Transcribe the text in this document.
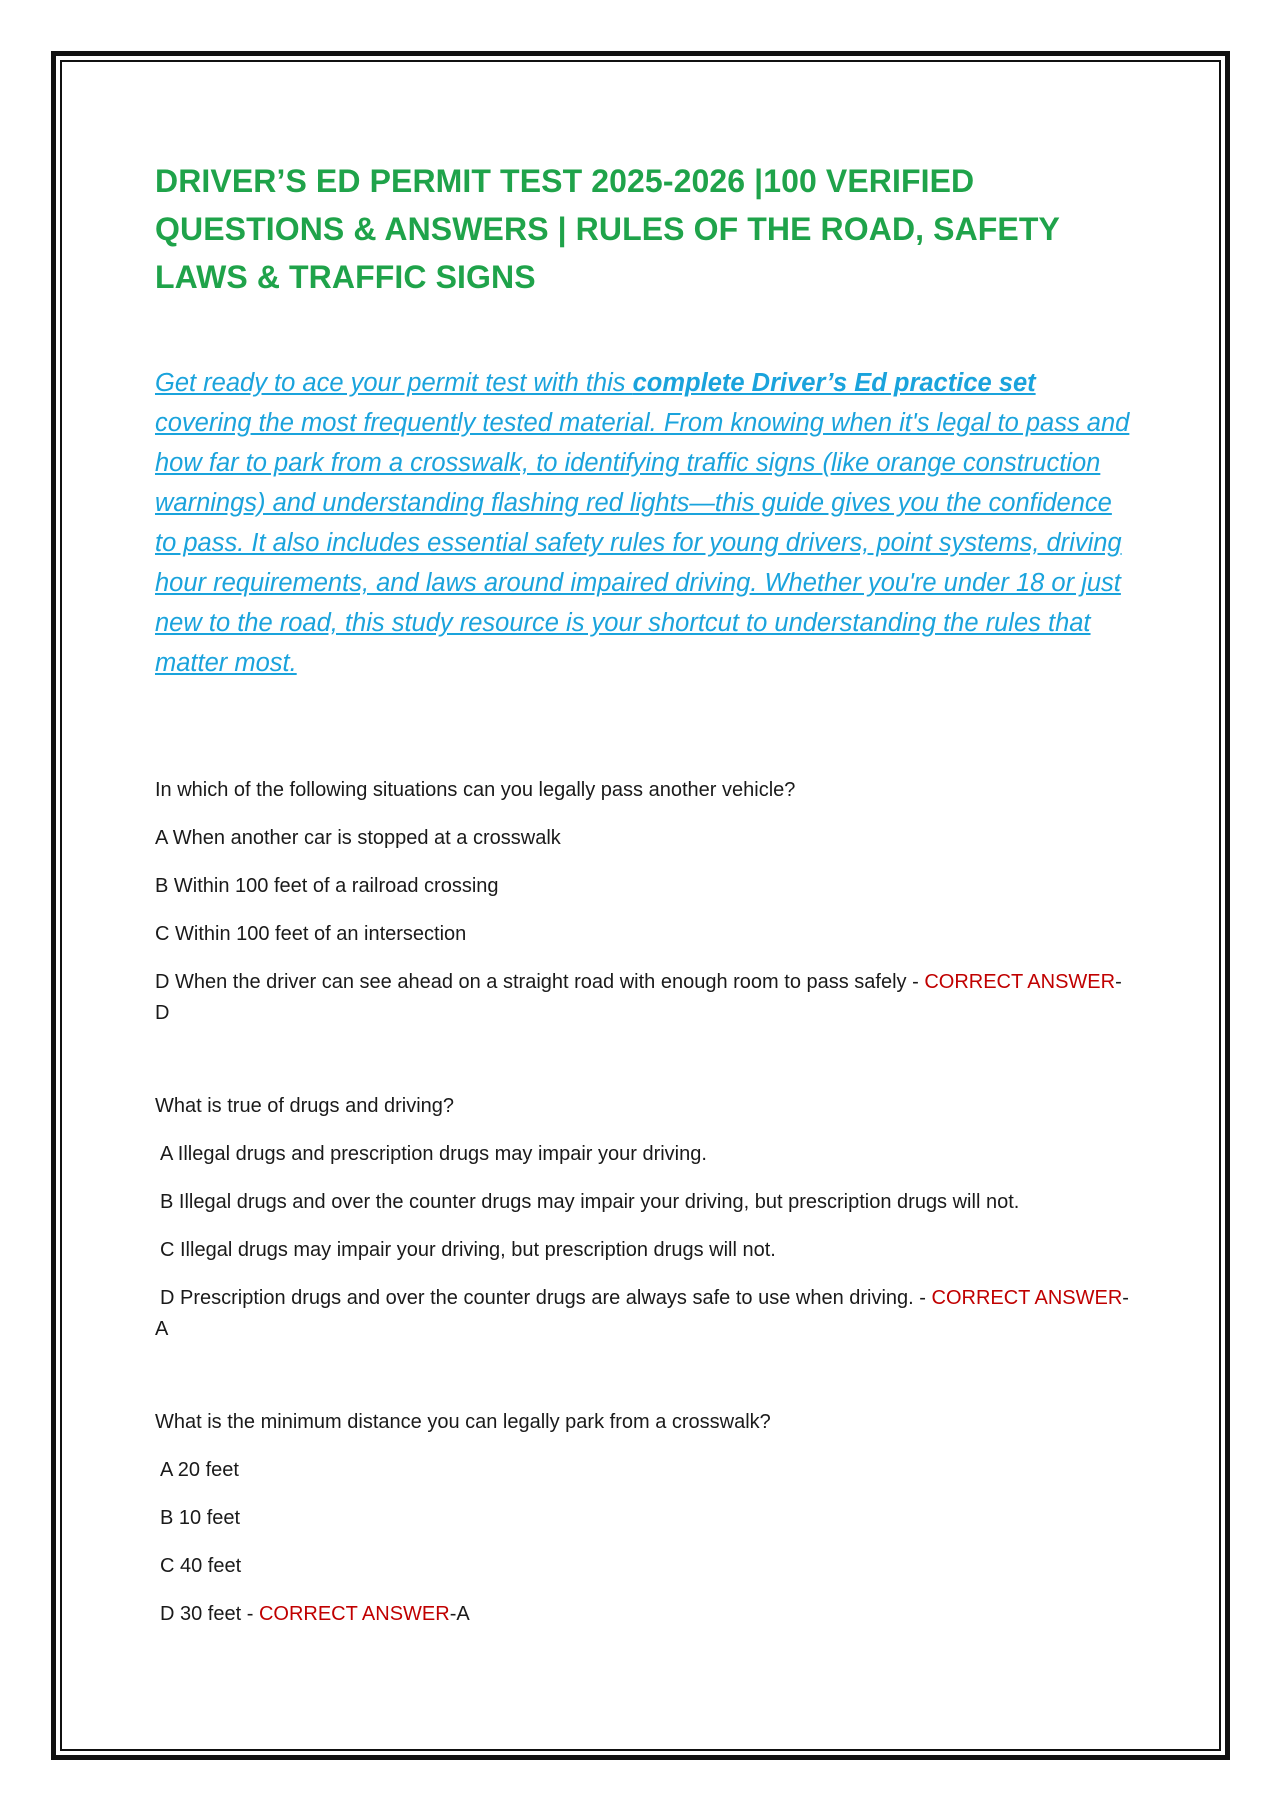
DRIVER’S ED PERMIT TEST 2025-2026 |100 VERIFIED QUESTIONS & ANSWERS | RULES OF THE ROAD, SAFETY LAWS & TRAFFIC SIGNS

Get ready to ace your permit test with this complete Driver’s Ed practice set covering the most frequently tested material. From knowing when it's legal to pass and how far to park from a crosswalk, to identifying traffic signs (like orange construction warnings) and understanding flashing red lights—this guide gives you the confidence to pass. It also includes essential safety rules for young drivers, point systems, driving hour requirements, and laws around impaired driving. Whether you're under 18 or just new to the road, this study resource is your shortcut to understanding the rules that matter most.

In which of the following situations can you legally pass another vehicle?

A When another car is stopped at a crosswalk

B Within 100 feet of a railroad crossing

C Within 100 feet of an intersection

D When the driver can see ahead on a straight road with enough room to pass safely - CORRECT ANSWER-D

What is true of drugs and driving?

A Illegal drugs and prescription drugs may impair your driving.

B Illegal drugs and over the counter drugs may impair your driving, but prescription drugs will not.

C Illegal drugs may impair your driving, but prescription drugs will not.

D Prescription drugs and over the counter drugs are always safe to use when driving. - CORRECT ANSWER-A

What is the minimum distance you can legally park from a crosswalk?

A 20 feet

B 10 feet

C 40 feet

D 30 feet - CORRECT ANSWER-A
